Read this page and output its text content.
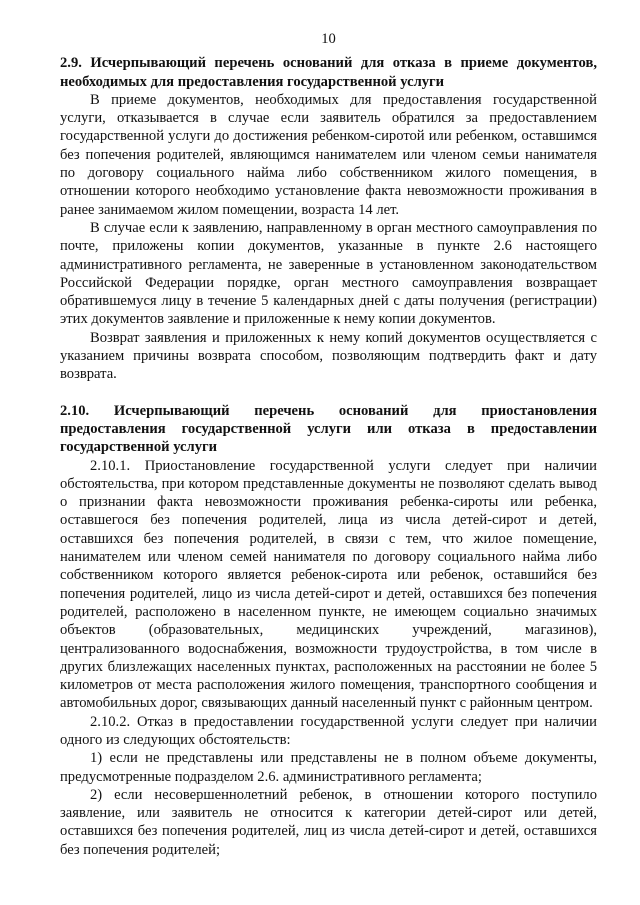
10

2.9. Исчерпывающий перечень оснований для отказа в приеме документов, необходимых для предоставления государственной услуги

В приеме документов, необходимых для предоставления государственной услуги, отказывается в случае если заявитель обратился за предоставлением государственной услуги до достижения ребенком-сиротой или ребенком, оставшимся без попечения родителей, являющимся нанимателем или членом семьи нанимателя по договору социального найма либо собственником жилого помещения, в отношении которого необходимо установление факта невозможности проживания в ранее занимаемом жилом помещении, возраста 14 лет.

В случае если к заявлению, направленному в орган местного самоуправления по почте, приложены копии документов, указанные в пункте 2.6 настоящего административного регламента, не заверенные в установленном законодательством Российской Федерации порядке, орган местного самоуправления возвращает обратившемуся лицу в течение 5 календарных дней с даты получения (регистрации) этих документов заявление и приложенные к нему копии документов.

Возврат заявления и приложенных к нему копий документов осуществляется с указанием причины возврата способом, позволяющим подтвердить факт и дату возврата.

2.10. Исчерпывающий перечень оснований для приостановления предоставления государственной услуги или отказа в предоставлении государственной услуги

2.10.1. Приостановление государственной услуги следует при наличии обстоятельства, при котором представленные документы не позволяют сделать вывод о признании факта невозможности проживания ребенка-сироты или ребенка, оставшегося без попечения родителей, лица из числа детей-сирот и детей, оставшихся без попечения родителей, в связи с тем, что жилое помещение, нанимателем или членом семей нанимателя по договору социального найма либо собственником которого является ребенок-сирота или ребенок, оставшийся без попечения родителей, лицо из числа детей-сирот и детей, оставшихся без попечения родителей, расположено в населенном пункте, не имеющем социально значимых объектов (образовательных, медицинских учреждений, магазинов), централизованного водоснабжения, возможности трудоустройства, в том числе в других близлежащих населенных пунктах, расположенных на расстоянии не более 5 километров от места расположения жилого помещения, транспортного сообщения и автомобильных дорог, связывающих данный населенный пункт с районным центром.

2.10.2. Отказ в предоставлении государственной услуги следует при наличии одного из следующих обстоятельств:

1) если не представлены или представлены не в полном объеме документы, предусмотренные подразделом 2.6. административного регламента;

2) если несовершеннолетний ребенок, в отношении которого поступило заявление, или заявитель не относится к категории детей-сирот или детей, оставшихся без попечения родителей, лиц из числа детей-сирот и детей, оставшихся без попечения родителей;
